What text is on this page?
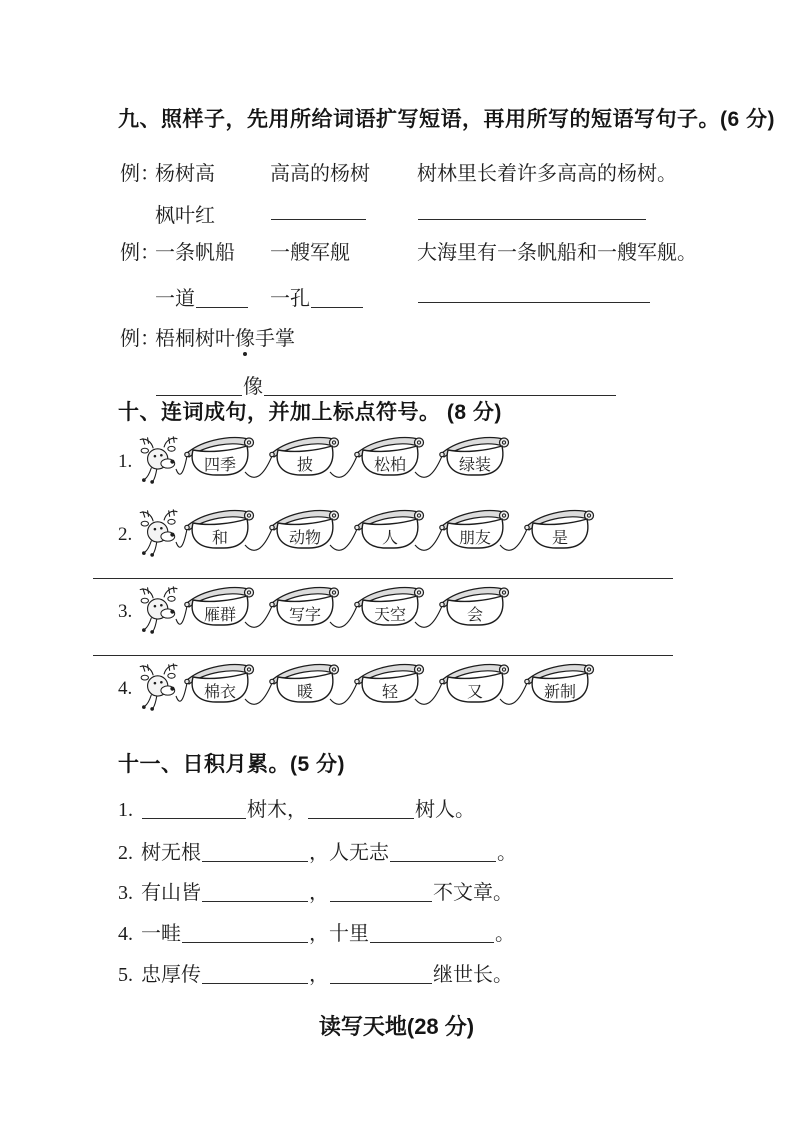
九、照样子，先用所给词语扩写短语，再用所写的短语写句子。(6 分)
例：
杨树高	高高的杨树 树林里长着许多高高的杨树。
枫叶红
例：
一条帆船 一艘军舰	大海里有一条帆船和一艘军舰。
一道	一孔
例：
梧桐树叶像手掌
像
十、连词成句，并加上标点符号。 (8 分)
1.	四季	披	松柏	绿装
2.	和	动物	人	朋友	是
3.	雁群	写字	天空	会
4.	棉衣	暖	轻	又	新制
十一、日积月累。(5 分)
1.	树木，	树人。
2. 树无根	，人无志	。
3. 有山皆	，	不文章。
4. 一畦	，十里	。
5. 忠厚传	，	继世长。
读写天地(28 分)
